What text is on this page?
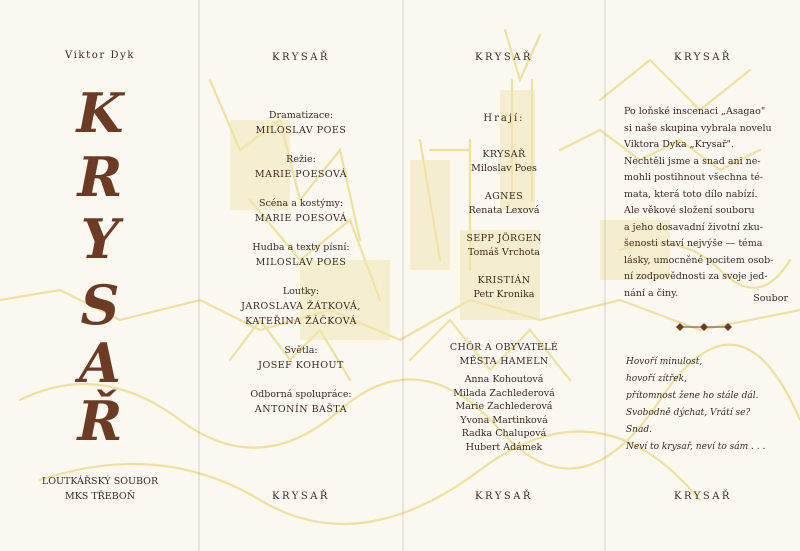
Viktor Dyk
K
R
Y
S
A
Ř
LOUTKÁŘSKÝ SOUBOR
MKS TŘEBOŇ
KRYSAŘ
Dramatizace:
MILOSLAV POES
Režie:
MARIE POESOVÁ
Scéna a kostýmy:
MARIE POESOVÁ
Hudba a texty písní:
MILOSLAV POES
Loutky:
JAROSLAVA ŽÁTKOVÁ,
KATEŘINA ŽÁČKOVÁ
Světla:
JOSEF KOHOUT
Odborná spolupráce:
ANTONÍN BAŠTA
KRYSAŘ
KRYSAŘ
Hrají:
KRYSAŘ
Miloslav Poes
AGNES
Renata Lexová
SEPP JÖRGEN
Tomáš Vrchota
KRISTIÁN
Petr Kronika
CHÓR A OBYVATELÉ
MĚSTA HAMELN
Anna Kohoutová
Milada Zachlederová
Marie Zachlederová
Yvona Martinková
Radka Chalupová
Hubert Adámek
KRYSAŘ
KRYSAŘ

Po loňské inscenaci „Asagao"

si naše skupina vybrala novelu

Viktora Dyka „Krysař".

Nechtěli jsme a snad ani ne-

mohli postihnout všechna té-

mata, která toto dílo nabízí.

Ale věkové složení souboru

a jeho dosavadní životní zku-

šenosti staví nejvýše — téma

lásky, umocněné pocitem osob-

ní zodpovědnosti za svoje jed-

nání a činy.	Soubor
Hovoří minulost,
hovoří zítřek,
přítomnost žene ho stále dál.
Svobodně dýchat, Vrátí se?
Snad.
Neví to krysař, neví to sám . . .
KRYSAŘ
